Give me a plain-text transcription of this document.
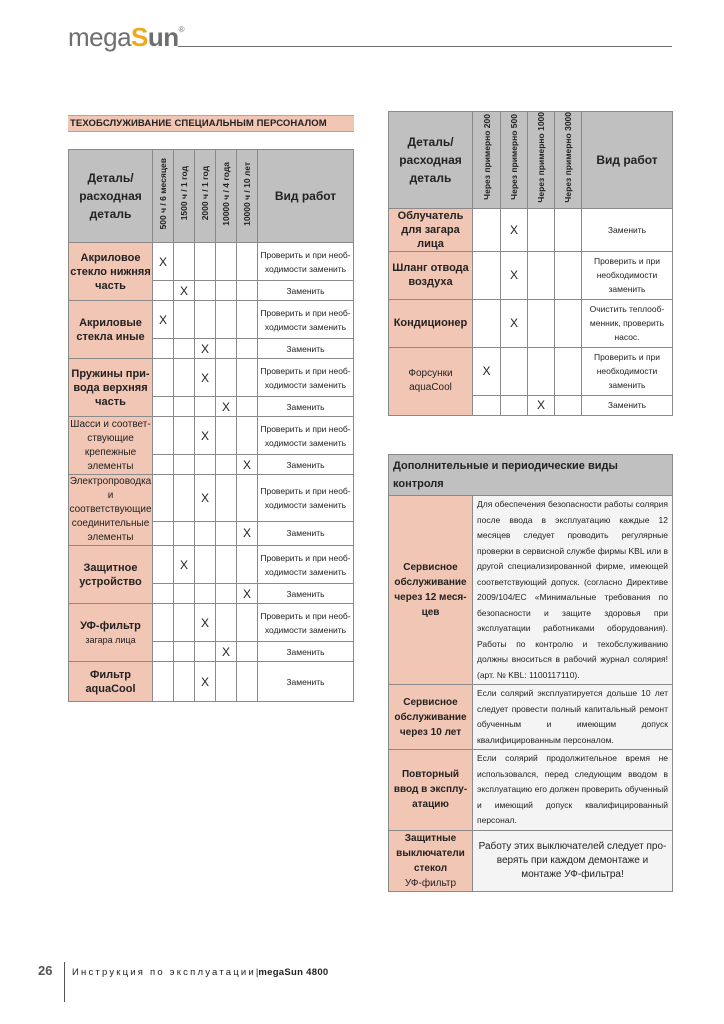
megaSun®
ТЕХОБСЛУЖИВАНИЕ СПЕЦИАЛЬНЫМ ПЕРСОНАЛОМ
Деталь/ расходная деталь	500 ч / 6 месяцев	1500 ч / 1 год	2000 ч / 1 год	10000 ч / 4 года	10000 ч / 10 лет	Вид работ

Акриловое стекло нижняя часть	X					Проверить и при необходимости заменить
		X				Заменить

Акриловые стекла иные	X					Проверить и при необходимости заменить
			X			Заменить

Пружины привода верхняя часть			X			Проверить и при необходимости заменить
				X		Заменить

Шасси и соответствующие крепежные элементы			X			Проверить и при необходимости заменить
					X	Заменить

Электропроводка и соответствующие соединительные элементы			X			Проверить и при необходимости заменить
					X	Заменить

Защитное устройство		X				Проверить и при необходимости заменить
					X	Заменить

УФ-фильтр
загара лица			X			Проверить и при необходимости заменить
				X		Заменить

Фильтр aquaCool			X			Заменить
Деталь/ расходная деталь	Через примерно 200	Через примерно 500	Через примерно 1000	Через примерно 3000	Вид работ

Облучатель для загара лица		X			Заменить

Шланг отвода воздуха		X			Проверить и при необходимости заменить

Кондиционер		X			Очистить теплообменник, проверить насос.

Форсунки aquaCool	X				Проверить и при необходимости заменить
			X		Заменить
Дополнительные и периодические виды контроля	

Сервисное обслуживание через 12 месяцев	Для обеспечения безопасности работы солярия после ввода в эксплуатацию каждые 12 месяцев следует проводить регулярные проверки в сервисной службе фирмы KBL или в другой специализированной фирме, имеющей соответствующий допуск. (согласно Директиве 2009/104/ЕС «Минимальные требования по безопасности и защите здоровья при эксплуатации работниками оборудования). Работы по контролю и техобслуживанию должны вноситься в рабочий журнал солярия! (арт. № KBL: 1100117110).

Сервисное обслуживание через 10 лет	Если солярий эксплуатируется дольше 10 лет следует провести полный капитальный ремонт обученным и имеющим допуск квалифицированным персоналом.

Повторный ввод в эксплуатацию	Если солярий продолжительное время не использовался, перед следующим вводом в эксплуатацию его должен проверить обученный и имеющий допуск квалифицированный персонал.

Защитные выключатели стекол
УФ-фильтр	Работу этих выключателей следует проверять при каждом демонтаже и монтаже УФ-фильтра!
26 Инструкция по эксплуатации|megaSun 4800
